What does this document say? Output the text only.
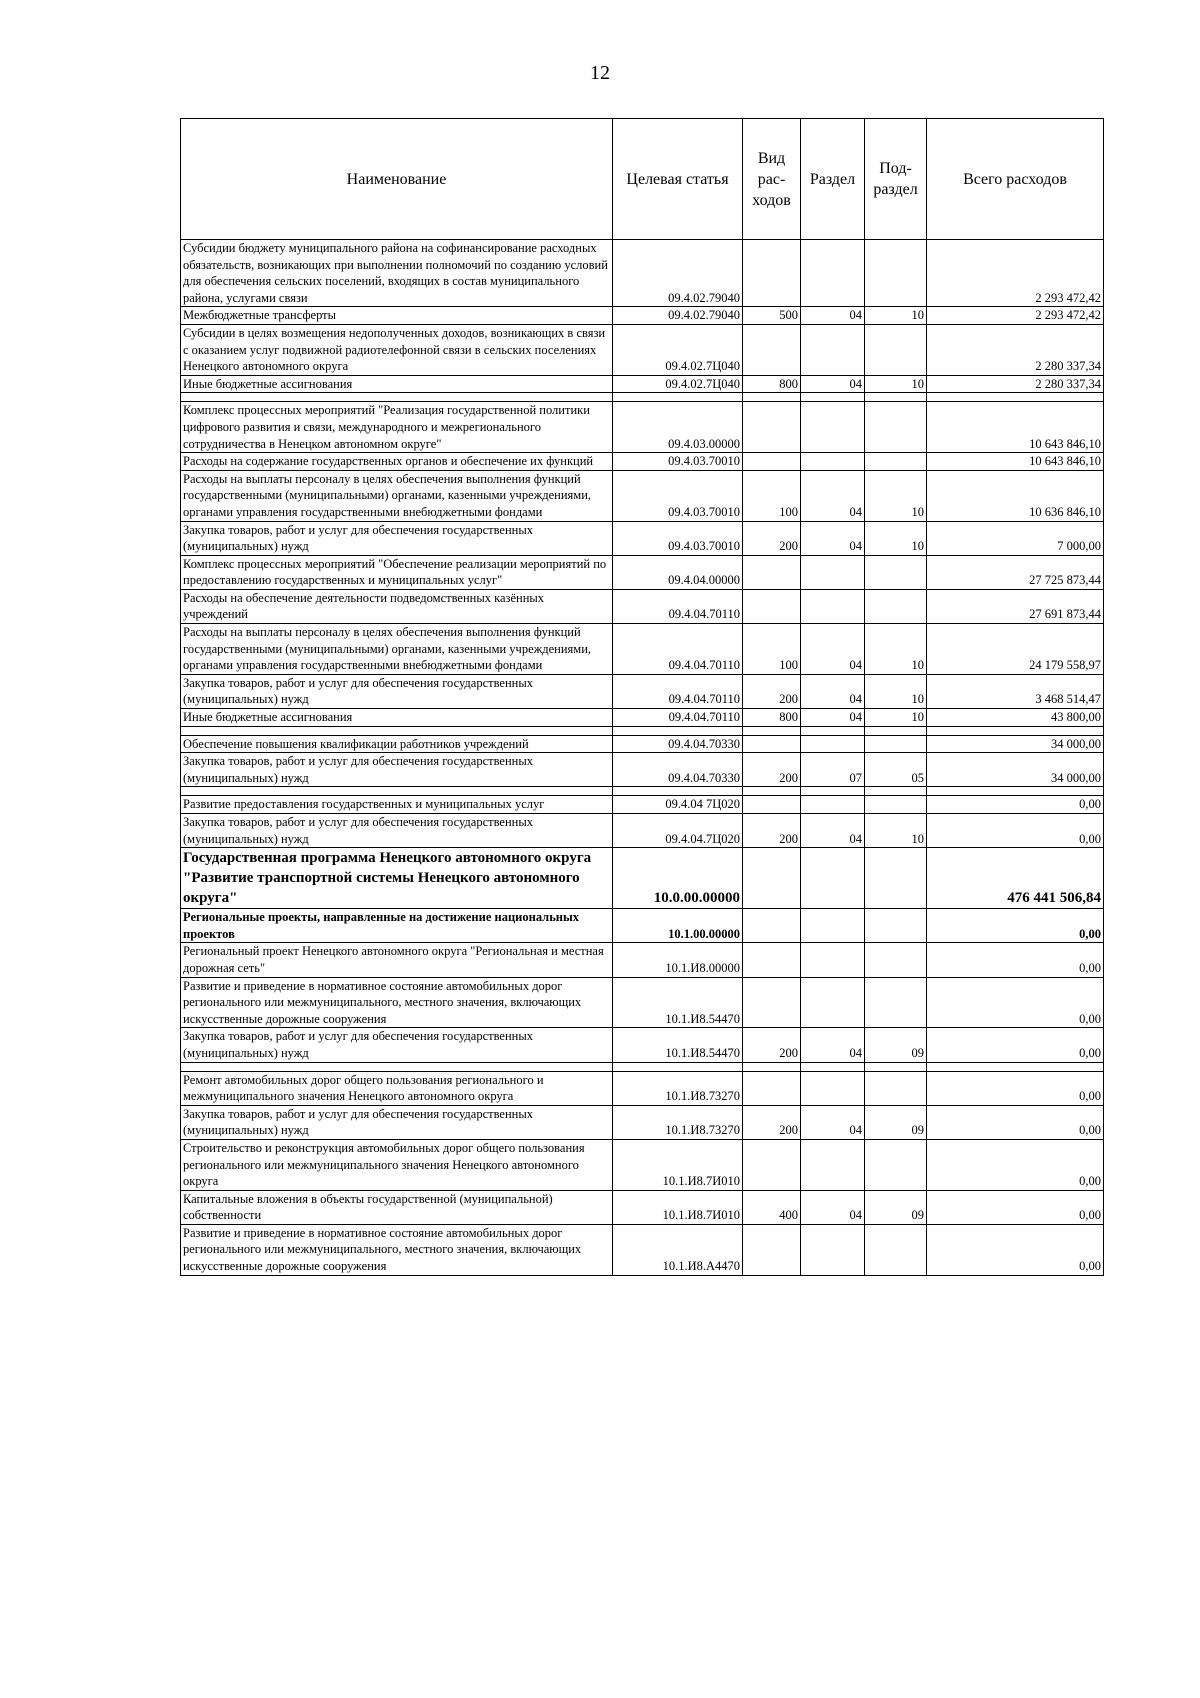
12
Наименование	Целевая статья	Вид рас-ходов	Раздел	Под-раздел	Всего расходов
Субсидии бюджету муниципального района на софинансирование расходных обязательств, возникающих при выполнении полномочий по созданию условий для обеспечения сельских поселений, входящих в состав муниципального района, услугами связи	09.4.02.79040				2 293 472,42
Межбюджетные трансферты	09.4.02.79040	500	04	10	2 293 472,42
Субсидии в целях возмещения недополученных доходов, возникающих в связи с оказанием услуг подвижной радиотелефонной связи в сельских поселениях Ненецкого автономного округа	09.4.02.7Ц040				2 280 337,34
Иные бюджетные ассигнования	09.4.02.7Ц040	800	04	10	2 280 337,34

Комплекс процессных мероприятий "Реализация государственной политики цифрового развития и связи, международного и межрегионального сотрудничества в Ненецком автономном округе"	09.4.03.00000				10 643 846,10
Расходы на содержание государственных органов и обеспечение их функций	09.4.03.70010				10 643 846,10
Расходы на выплаты персоналу в целях обеспечения выполнения функций государственными (муниципальными) органами, казенными учреждениями, органами управления государственными внебюджетными фондами	09.4.03.70010	100	04	10	10 636 846,10
Закупка товаров, работ и услуг для обеспечения государственных (муниципальных) нужд	09.4.03.70010	200	04	10	7 000,00
Комплекс процессных мероприятий "Обеспечение реализации мероприятий по предоставлению государственных и муниципальных услуг"	09.4.04.00000				27 725 873,44
Расходы на обеспечение деятельности подведомственных казённых учреждений	09.4.04.70110				27 691 873,44
Расходы на выплаты персоналу в целях обеспечения выполнения функций государственными (муниципальными) органами, казенными учреждениями, органами управления государственными внебюджетными фондами	09.4.04.70110	100	04	10	24 179 558,97
Закупка товаров, работ и услуг для обеспечения государственных (муниципальных) нужд	09.4.04.70110	200	04	10	3 468 514,47
Иные бюджетные ассигнования	09.4.04.70110	800	04	10	43 800,00

Обеспечение повышения квалификации работников учреждений	09.4.04.70330				34 000,00
Закупка товаров, работ и услуг для обеспечения государственных (муниципальных) нужд	09.4.04.70330	200	07	05	34 000,00

Развитие предоставления государственных и муниципальных услуг	09.4.04 7Ц020				0,00
Закупка товаров, работ и услуг для обеспечения государственных (муниципальных) нужд	09.4.04.7Ц020	200	04	10	0,00
Государственная программа Ненецкого автономного округа "Развитие транспортной системы Ненецкого автономного округа"	10.0.00.00000				476 441 506,84
Региональные проекты, направленные на достижение национальных проектов	10.1.00.00000				0,00
Региональный проект Ненецкого автономного округа "Региональная и местная дорожная сеть"	10.1.И8.00000				0,00
Развитие и приведение в нормативное состояние автомобильных дорог регионального или межмуниципального, местного значения, включающих искусственные дорожные сооружения	10.1.И8.54470				0,00
Закупка товаров, работ и услуг для обеспечения государственных (муниципальных) нужд	10.1.И8.54470	200	04	09	0,00

Ремонт автомобильных дорог общего пользования регионального и межмуниципального значения Ненецкого автономного округа	10.1.И8.73270				0,00
Закупка товаров, работ и услуг для обеспечения государственных (муниципальных) нужд	10.1.И8.73270	200	04	09	0,00
Строительство и реконструкция автомобильных дорог общего пользования регионального или межмуниципального значения Ненецкого автономного округа	10.1.И8.7И010				0,00
Капитальные вложения в объекты государственной (муниципальной) собственности	10.1.И8.7И010	400	04	09	0,00
Развитие и приведение в нормативное состояние автомобильных дорог регионального или межмуниципального, местного значения, включающих искусственные дорожные сооружения	10.1.И8.А4470				0,00
